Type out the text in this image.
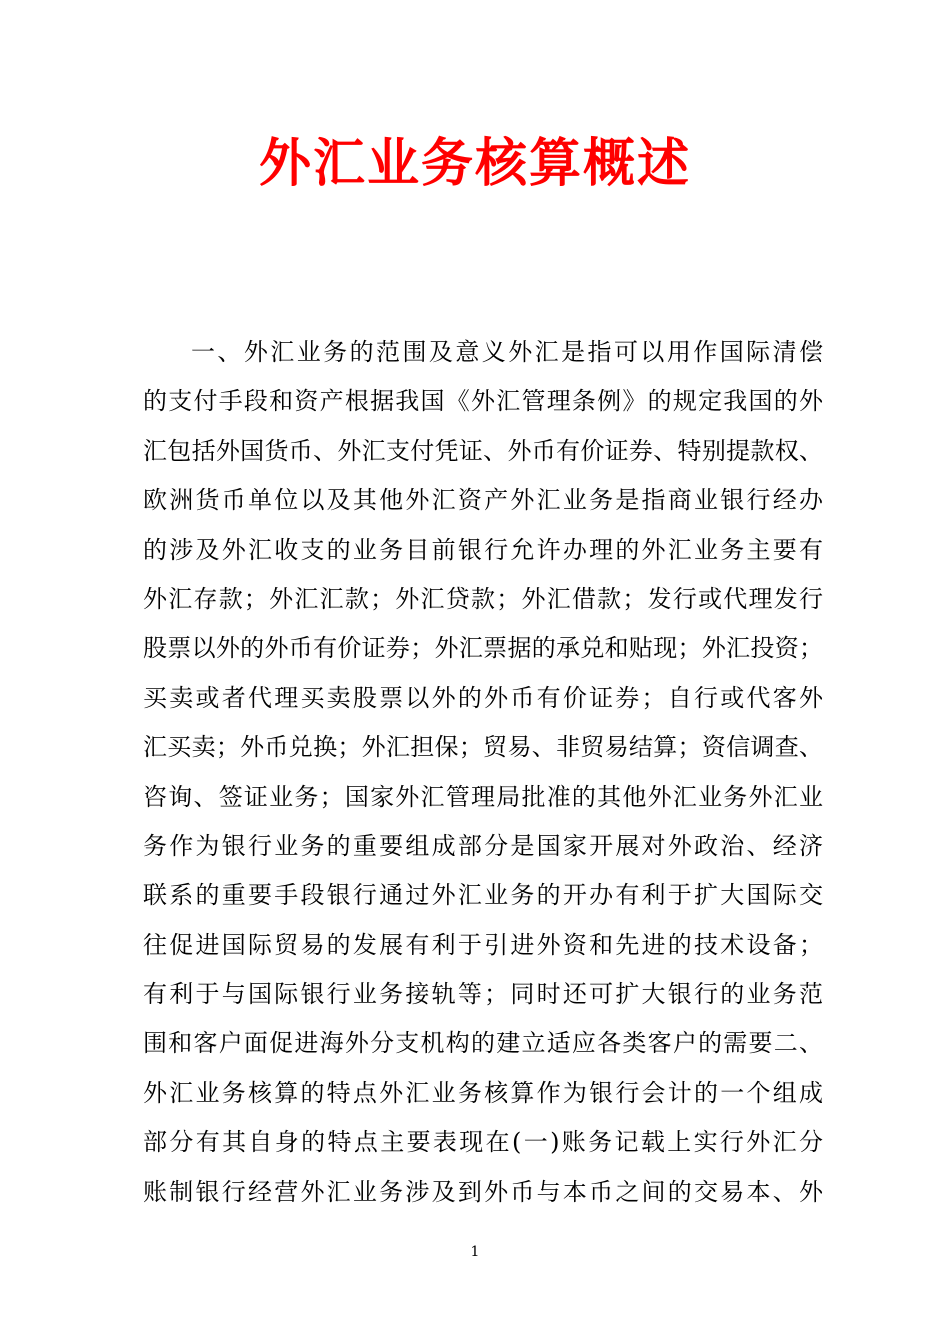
外汇业务核算概述
一、外汇业务的范围及意义外汇是指可以用作国际清偿
的支付手段和资产根据我国《外汇管理条例》的规定我国的外
汇包括外国货币、外汇支付凭证、外币有价证券、特别提款权、
欧洲货币单位以及其他外汇资产外汇业务是指商业银行经办
的涉及外汇收支的业务目前银行允许办理的外汇业务主要有
外汇存款；外汇汇款；外汇贷款；外汇借款；发行或代理发行
股票以外的外币有价证券；外汇票据的承兑和贴现；外汇投资；
买卖或者代理买卖股票以外的外币有价证券；自行或代客外
汇买卖；外币兑换；外汇担保；贸易、非贸易结算；资信调查、
咨询、签证业务；国家外汇管理局批准的其他外汇业务外汇业
务作为银行业务的重要组成部分是国家开展对外政治、经济
联系的重要手段银行通过外汇业务的开办有利于扩大国际交
往促进国际贸易的发展有利于引进外资和先进的技术设备；
有利于与国际银行业务接轨等；同时还可扩大银行的业务范
围和客户面促进海外分支机构的建立适应各类客户的需要二、
外汇业务核算的特点外汇业务核算作为银行会计的一个组成
部分有其自身的特点主要表现在(一)账务记载上实行外汇分
账制银行经营外汇业务涉及到外币与本币之间的交易本、外
1
